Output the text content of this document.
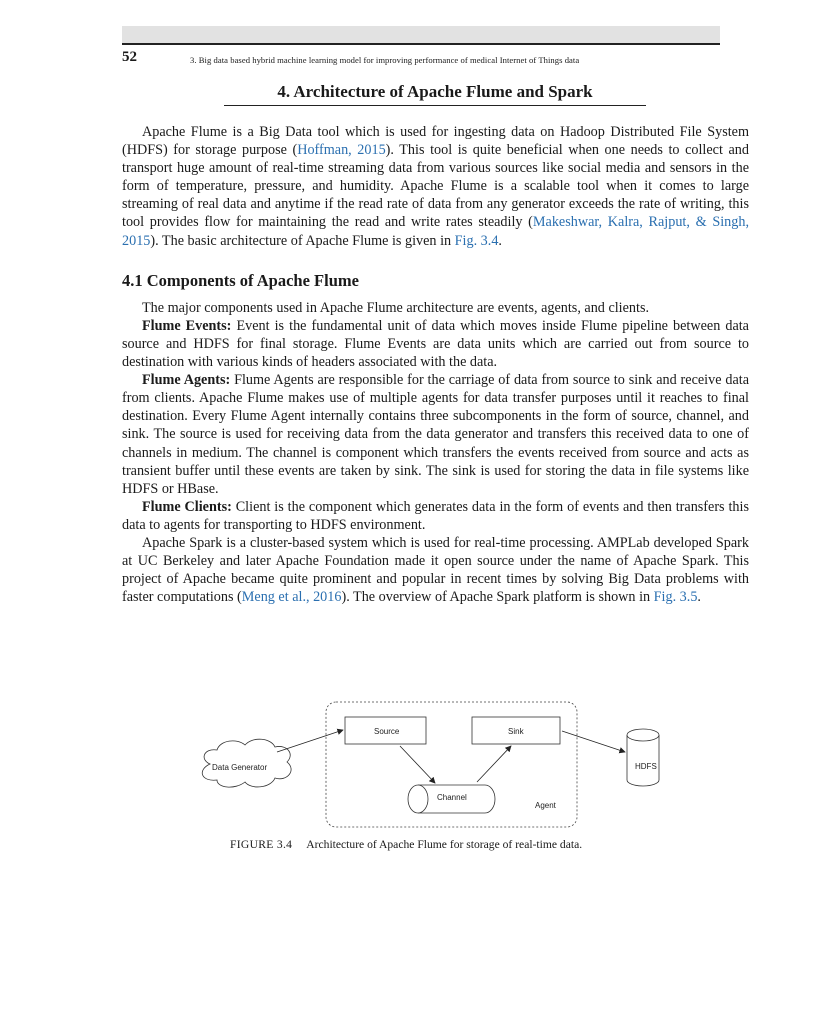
52	3. Big data based hybrid machine learning model for improving performance of medical Internet of Things data
4. Architecture of Apache Flume and Spark

Apache Flume is a Big Data tool which is used for ingesting data on Hadoop Distributed File System (HDFS) for storage purpose (Hoffman, 2015). This tool is quite beneficial when one needs to collect and transport huge amount of real-time streaming data from various sources like social media and sensors in the form of temperature, pressure, and humidity. Apache Flume is a scalable tool when it comes to large streaming of real data and anytime if the read rate of data from any generator exceeds the rate of writing, this tool provides flow for maintaining the read and write rates steadily (Makeshwar, Kalra, Rajput, & Singh, 2015). The basic architecture of Apache Flume is given in Fig. 3.4.

4.1 Components of Apache Flume

The major components used in Apache Flume architecture are events, agents, and clients.

Flume Events: Event is the fundamental unit of data which moves inside Flume pipeline between data source and HDFS for final storage. Flume Events are data units which are carried out from source to destination with various kinds of headers associated with the data.

Flume Agents: Flume Agents are responsible for the carriage of data from source to sink and receive data from clients. Apache Flume makes use of multiple agents for data transfer purposes until it reaches to final destination. Every Flume Agent internally contains three subcomponents in the form of source, channel, and sink. The source is used for receiving data from the data generator and transfers this received data to one of channels in medium. The channel is component which transfers the events received from source and acts as transient buffer until these events are taken by sink. The sink is used for storing the data in file systems like HDFS or HBase.

Flume Clients: Client is the component which generates data in the form of events and then transfers this data to agents for transporting to HDFS environment.

Apache Spark is a cluster-based system which is used for real-time processing. AMPLab developed Spark at UC Berkeley and later Apache Foundation made it open source under the name of Apache Spark. This project of Apache became quite prominent and popular in recent times by solving Big Data problems with faster computations (Meng et al., 2016). The overview of Apache Spark platform is shown in Fig. 3.5.

Source	Sink
Channel
Agent
Data Generator	HDFS
FIGURE 3.4 Architecture of Apache Flume for storage of real-time data.
